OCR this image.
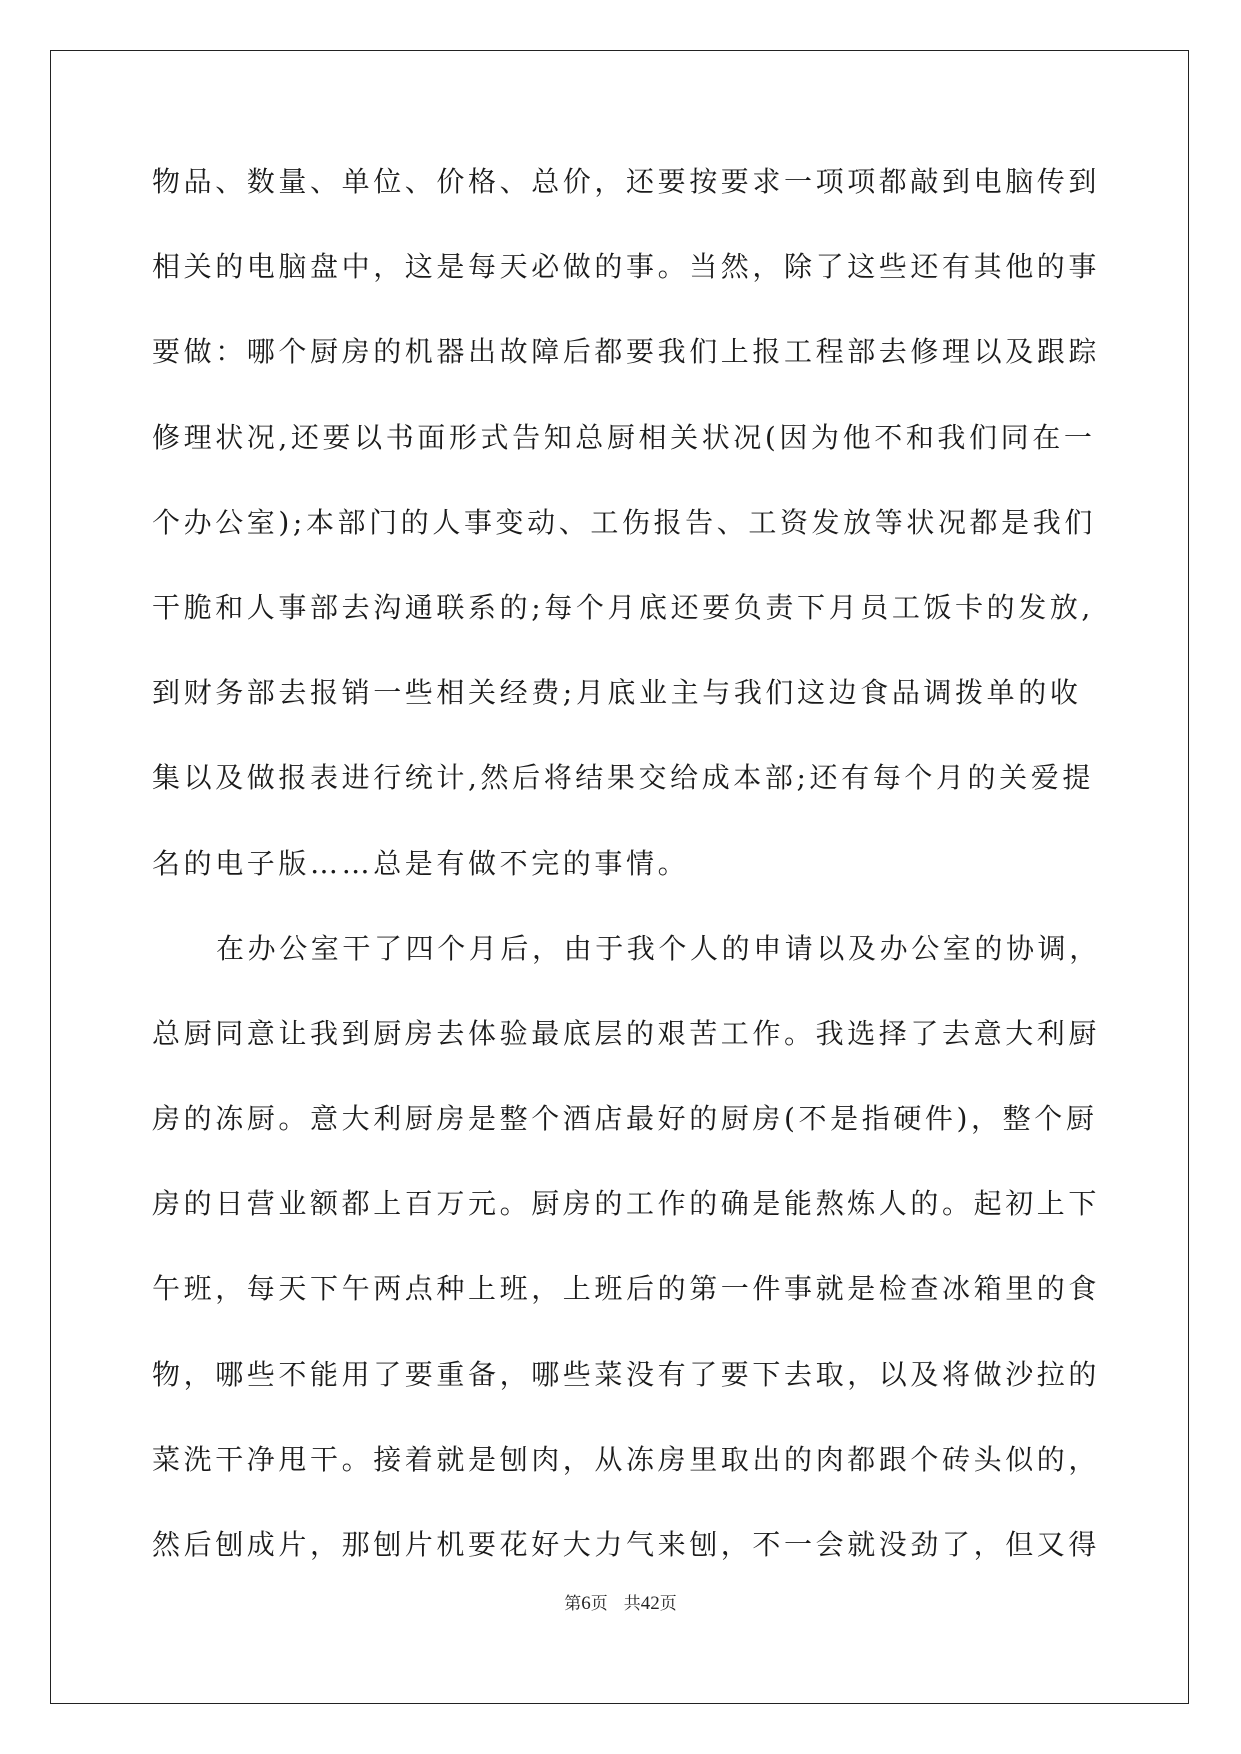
物品、数量、单位、价格、总价，还要按要求一项项都敲到电脑传到
相关的电脑盘中，这是每天必做的事。当然，除了这些还有其他的事
要做：哪个厨房的机器出故障后都要我们上报工程部去修理以及跟踪
修理状况,还要以书面形式告知总厨相关状况(因为他不和我们同在一
个办公室);本部门的人事变动、工伤报告、工资发放等状况都是我们
干脆和人事部去沟通联系的;每个月底还要负责下月员工饭卡的发放,
到财务部去报销一些相关经费;月底业主与我们这边食品调拨单的收
集以及做报表进行统计,然后将结果交给成本部;还有每个月的关爱提
名的电子版……总是有做不完的事情。
在办公室干了四个月后，由于我个人的申请以及办公室的协调，
总厨同意让我到厨房去体验最底层的艰苦工作。我选择了去意大利厨
房的冻厨。意大利厨房是整个酒店最好的厨房(不是指硬件)，整个厨
房的日营业额都上百万元。厨房的工作的确是能熬炼人的。起初上下
午班，每天下午两点种上班，上班后的第一件事就是检查冰箱里的食
物，哪些不能用了要重备，哪些菜没有了要下去取，以及将做沙拉的
菜洗干净甩干。接着就是刨肉，从冻房里取出的肉都跟个砖头似的，
然后刨成片，那刨片机要花好大力气来刨，不一会就没劲了，但又得
第6页 共42页
